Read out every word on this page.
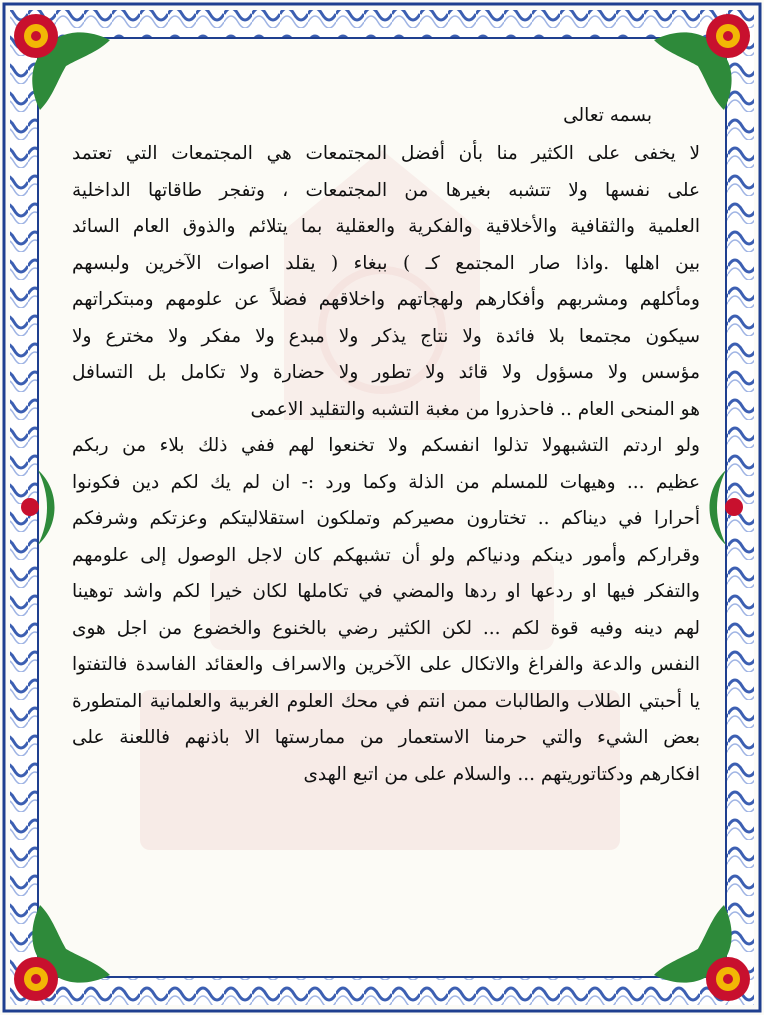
بسمه تعالى
لا يخفى على الكثير منا بأن أفضل المجتمعات هي المجتمعات التي تعتمد
على نفسها ولا تتشبه بغيرها من المجتمعات ، وتفجر طاقاتها الداخلية
العلمية والثقافية والأخلاقية والفكرية والعقلية بما يتلائم والذوق العام السائد
بين اهلها .واذا صار المجتمع كـ ) ببغاء ( يقلد اصوات الآخرين ولبسهم
ومأكلهم ومشربهم وأفكارهم ولهجاتهم واخلاقهم فضلاً عن علومهم ومبتكراتهم
سيكون مجتمعا بلا فائدة ولا نتاج يذكر ولا مبدع ولا مفكر ولا مخترع ولا
مؤسس ولا مسؤول ولا قائد ولا تطور ولا حضارة ولا تكامل بل التسافل
هو المنحى العام .. فاحذروا من مغبة التشبه والتقليد الاعمى
ولو اردتم التشبهولا تذلوا انفسكم ولا تخنعوا لهم ففي ذلك بلاء من ربكم
عظيم ... وهيهات للمسلم من الذلة وكما ورد :- ان لم يك لكم دين فكونوا
أحرارا في ديناكم .. تختارون مصيركم وتملكون استقلاليتكم وعزتكم وشرفكم
وقراركم وأمور دينكم ودنياكم ولو أن تشبهكم كان لاجل الوصول إلى علومهم
والتفكر فيها او ردعها او ردها والمضي في تكاملها لكان خيرا لكم واشد توهينا
لهم دينه وفيه قوة لكم ... لكن الكثير رضي بالخنوع والخضوع من اجل هوى
النفس والدعة والفراغ والاتكال على الآخرين والاسراف والعقائد الفاسدة فالتفتوا
يا أحبتي الطلاب والطالبات ممن انتم في محك العلوم الغربية والعلمانية المتطورة
بعض الشيء والتي حرمنا الاستعمار من ممارستها الا باذنهم فاللعنة على
افكارهم ودكتاتوريتهم ... والسلام على من اتبع الهدى
